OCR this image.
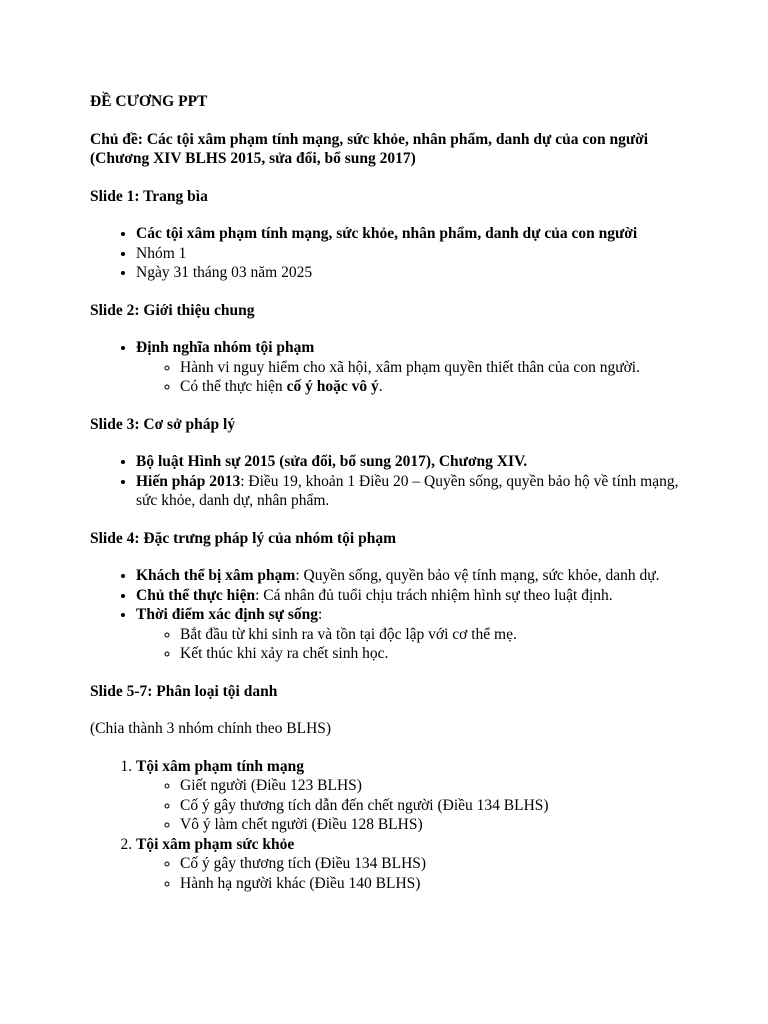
ĐỀ CƯƠNG PPT

Chủ đề: Các tội xâm phạm tính mạng, sức khỏe, nhân phẩm, danh dự của con người (Chương XIV BLHS 2015, sửa đổi, bổ sung 2017)

Slide 1: Trang bìa

• Các tội xâm phạm tính mạng, sức khỏe, nhân phẩm, danh dự của con người
• Nhóm 1
• Ngày 31 tháng 03 năm 2025

Slide 2: Giới thiệu chung

• Định nghĩa nhóm tội phạm
◦ Hành vi nguy hiểm cho xã hội, xâm phạm quyền thiết thân của con người.
◦ Có thể thực hiện cố ý hoặc vô ý.

Slide 3: Cơ sở pháp lý

• Bộ luật Hình sự 2015 (sửa đổi, bổ sung 2017), Chương XIV.
• Hiến pháp 2013: Điều 19, khoản 1 Điều 20 – Quyền sống, quyền bảo hộ về tính mạng, sức khỏe, danh dự, nhân phẩm.

Slide 4: Đặc trưng pháp lý của nhóm tội phạm

• Khách thể bị xâm phạm: Quyền sống, quyền bảo vệ tính mạng, sức khỏe, danh dự.
• Chủ thể thực hiện: Cá nhân đủ tuổi chịu trách nhiệm hình sự theo luật định.
• Thời điểm xác định sự sống:
◦ Bắt đầu từ khi sinh ra và tồn tại độc lập với cơ thể mẹ.
◦ Kết thúc khi xảy ra chết sinh học.

Slide 5-7: Phân loại tội danh

(Chia thành 3 nhóm chính theo BLHS)

1. Tội xâm phạm tính mạng
◦ Giết người (Điều 123 BLHS)
◦ Cố ý gây thương tích dẫn đến chết người (Điều 134 BLHS)
◦ Vô ý làm chết người (Điều 128 BLHS)
2. Tội xâm phạm sức khỏe
◦ Cố ý gây thương tích (Điều 134 BLHS)
◦ Hành hạ người khác (Điều 140 BLHS)
